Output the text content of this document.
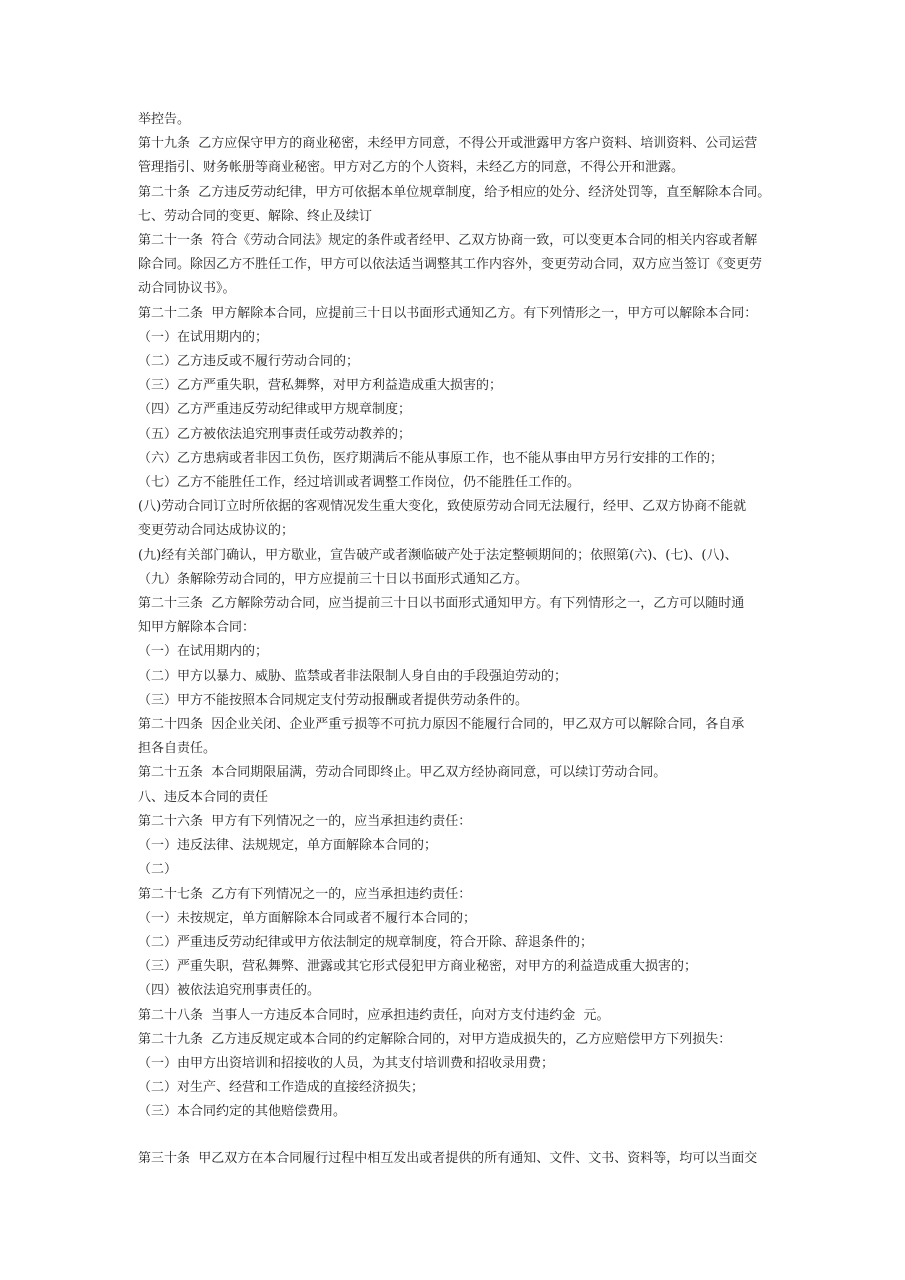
举控告。

第十九条  乙方应保守甲方的商业秘密，未经甲方同意，不得公开或泄露甲方客户资料、培训资料、公司运营

管理指引、财务帐册等商业秘密。甲方对乙方的个人资料，未经乙方的同意，不得公开和泄露。

第二十条  乙方违反劳动纪律，甲方可依据本单位规章制度，给予相应的处分、经济处罚等，直至解除本合同。

七、劳动合同的变更、解除、终止及续订

第二十一条  符合《劳动合同法》规定的条件或者经甲、乙双方协商一致，可以变更本合同的相关内容或者解

除合同。除因乙方不胜任工作，甲方可以依法适当调整其工作内容外，变更劳动合同，双方应当签订《变更劳

动合同协议书》。

第二十二条  甲方解除本合同，应提前三十日以书面形式通知乙方。有下列情形之一，甲方可以解除本合同：

（一）在试用期内的；

（二）乙方违反或不履行劳动合同的；

（三）乙方严重失职，营私舞弊，对甲方利益造成重大损害的；

（四）乙方严重违反劳动纪律或甲方规章制度；

（五）乙方被依法追究刑事责任或劳动教养的；

（六）乙方患病或者非因工负伤，医疗期满后不能从事原工作，也不能从事由甲方另行安排的工作的；

（七）乙方不能胜任工作，经过培训或者调整工作岗位，仍不能胜任工作的。

(八)劳动合同订立时所依据的客观情况发生重大变化，致使原劳动合同无法履行，经甲、乙双方协商不能就

变更劳动合同达成协议的；

(九)经有关部门确认，甲方歇业，宣告破产或者濒临破产处于法定整顿期间的；依照第(六)、(七)、(八)、

（九）条解除劳动合同的，甲方应提前三十日以书面形式通知乙方。

第二十三条  乙方解除劳动合同，应当提前三十日以书面形式通知甲方。有下列情形之一，乙方可以随时通

知甲方解除本合同：

（一）在试用期内的；

（二）甲方以暴力、威胁、监禁或者非法限制人身自由的手段强迫劳动的；

（三）甲方不能按照本合同规定支付劳动报酬或者提供劳动条件的。

第二十四条  因企业关闭、企业严重亏损等不可抗力原因不能履行合同的，甲乙双方可以解除合同，各自承

担各自责任。

第二十五条  本合同期限届满，劳动合同即终止。甲乙双方经协商同意，可以续订劳动合同。

八、违反本合同的责任

第二十六条  甲方有下列情况之一的，应当承担违约责任：

（一）违反法律、法规规定，单方面解除本合同的；

（二）

第二十七条  乙方有下列情况之一的，应当承担违约责任：

（一）未按规定，单方面解除本合同或者不履行本合同的；

（二）严重违反劳动纪律或甲方依法制定的规章制度，符合开除、辞退条件的；

（三）严重失职，营私舞弊、泄露或其它形式侵犯甲方商业秘密，对甲方的利益造成重大损害的；

（四）被依法追究刑事责任的。

第二十八条  当事人一方违反本合同时，应承担违约责任，向对方支付违约金  元。

第二十九条  乙方违反规定或本合同的约定解除合同的，对甲方造成损失的，乙方应赔偿甲方下列损失：

（一）由甲方出资培训和招接收的人员，为其支付培训费和招收录用费；

（二）对生产、经营和工作造成的直接经济损失；

（三）本合同约定的其他赔偿费用。

第三十条  甲乙双方在本合同履行过程中相互发出或者提供的所有通知、文件、文书、资料等，均可以当面交
